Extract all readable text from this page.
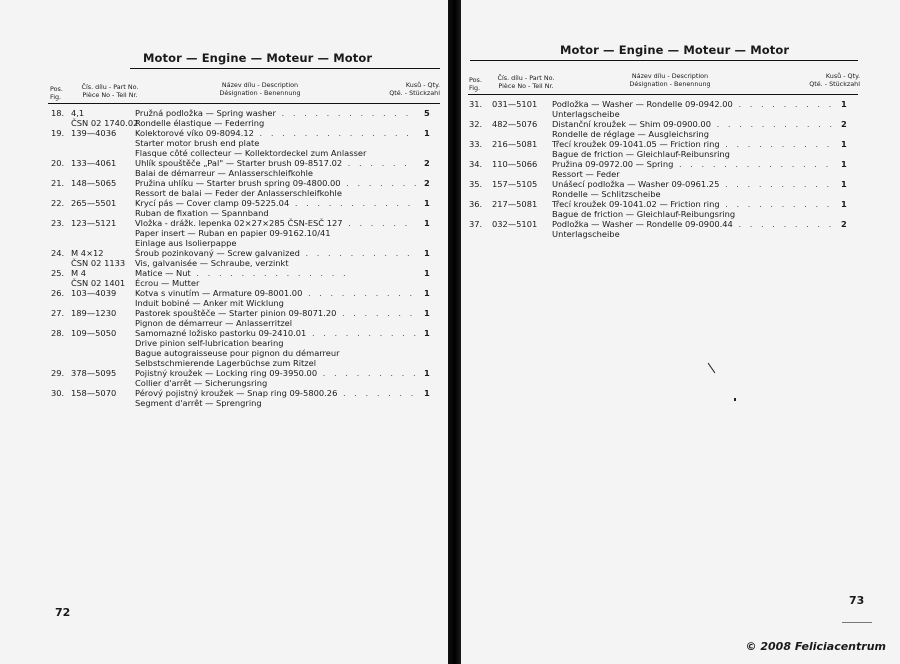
Motor — Engine — Moteur — Motor
Pos.
Fig.
Čís. dílu - Part No.
Pièce No - Teil Nr.
Název dílu - Description
Désignation - Benennung
Kusů - Qty.
Qté. - Stückzahl
18. 4,1	Pružná podložka — Spring washer . . . . . . . . . . . . 5
ČSN 02 1740.02
Rondelle élastique — Federring
19. 139—4036 Kolektorové víko 09-8094.12 . . . . . . . . . . . . . . 1
Starter motor brush end plate
Flasque côté collecteur — Kollektordeckel zum Anlasser
20. 133—4061 Uhlík spouštěče „Pal" — Starter brush 09-8517.02 . . . . . . 2
Balai de démarreur — Anlasserschleifkohle
21. 148—5065 Pružina uhlíku — Starter brush spring 09-4800.00 . . . . . . . 2
Ressort de balai — Feder der Anlasserschleifkohle
22. 265—5501 Krycí pás — Cover clamp 09-5225.04 . . . . . . . . . . . 1
Ruban de fixation — Spannband
23. 123—5121 Vložka - drážk. lepenka 02×27×285 ČSN-ESČ 127 . . . . . . 1
Paper insert — Ruban en papier 09-9162.10/41
Einlage aus Isolierpappe
24. M 4×12	Šroub pozinkovaný — Screw galvanized . . . . . . . . . . 1
ČSN 02 1133 Vis, galvanisée — Schraube, verzinkt
25. M 4	Matice — Nut . . . . . . . . . . . . . .	1
ČSN 02 1401 Écrou — Mutter
26. 103—4039 Kotva s vinutím — Armature 09-8001.00 . . . . . . . . . . 1
Induit bobiné — Anker mit Wicklung
27. 189—1230 Pastorek spouštěče — Starter pinion 09-8071.20 . . . . . . . 1
Pignon de démarreur — Anlasserritzel
28. 109—5050 Samomazné ložisko pastorku 09-2410.01 . . . . . . . . . . 1
Drive pinion self-lubrication bearing
Bague autograisseuse pour pignon du démarreur
Selbstschmierende Lagerbüchse zum Ritzel
29. 378—5095 Pojistný kroužek — Locking ring 09-3950.00 . . . . . . . . . 1
Collier d'arrêt — Sicherungsring
30. 158—5070 Pérový pojistný kroužek — Snap ring 09-5800.26 . . . . . . . 1
Segment d'arrêt — Sprengring
72
Motor — Engine — Moteur — Motor
Pos.
Fig.
Čís. dílu - Part No.
Pièce No - Teil Nr.
Název dílu - Description
Désignation - Benennung
Kusů - Qty.
Qté. - Stückzahl
31. 031—5101 Podložka — Washer — Rondelle 09-0942.00 . . . . . . . . . 1
Unterlagscheibe
32. 482—5076 Distanční kroužek — Shim 09-0900.00 . . . . . . . . . . . 2
Rondelle de réglage — Ausgleichsring
33. 216—5081 Třecí kroužek 09-1041.05 — Friction ring . . . . . . . . . . 1
Bague de friction — Gleichlauf-Reibunsring
34. 110—5066 Pružina 09-0972.00 — Spring . . . . . . . . . . . . . . 1
Ressort — Feder
35. 157—5105 Unášecí podložka — Washer 09-0961.25 . . . . . . . . . . 1
Rondelle — Schlitzscheibe
36. 217—5081 Třecí kroužek 09-1041.02 — Friction ring . . . . . . . . . . 1
Bague de friction — Gleichlauf-Reibungsring
37. 032—5101 Podložka — Washer — Rondelle 09-0900.44 . . . . . . . . . 2
Unterlagscheibe
73
© 2008 Feliciacentrum
